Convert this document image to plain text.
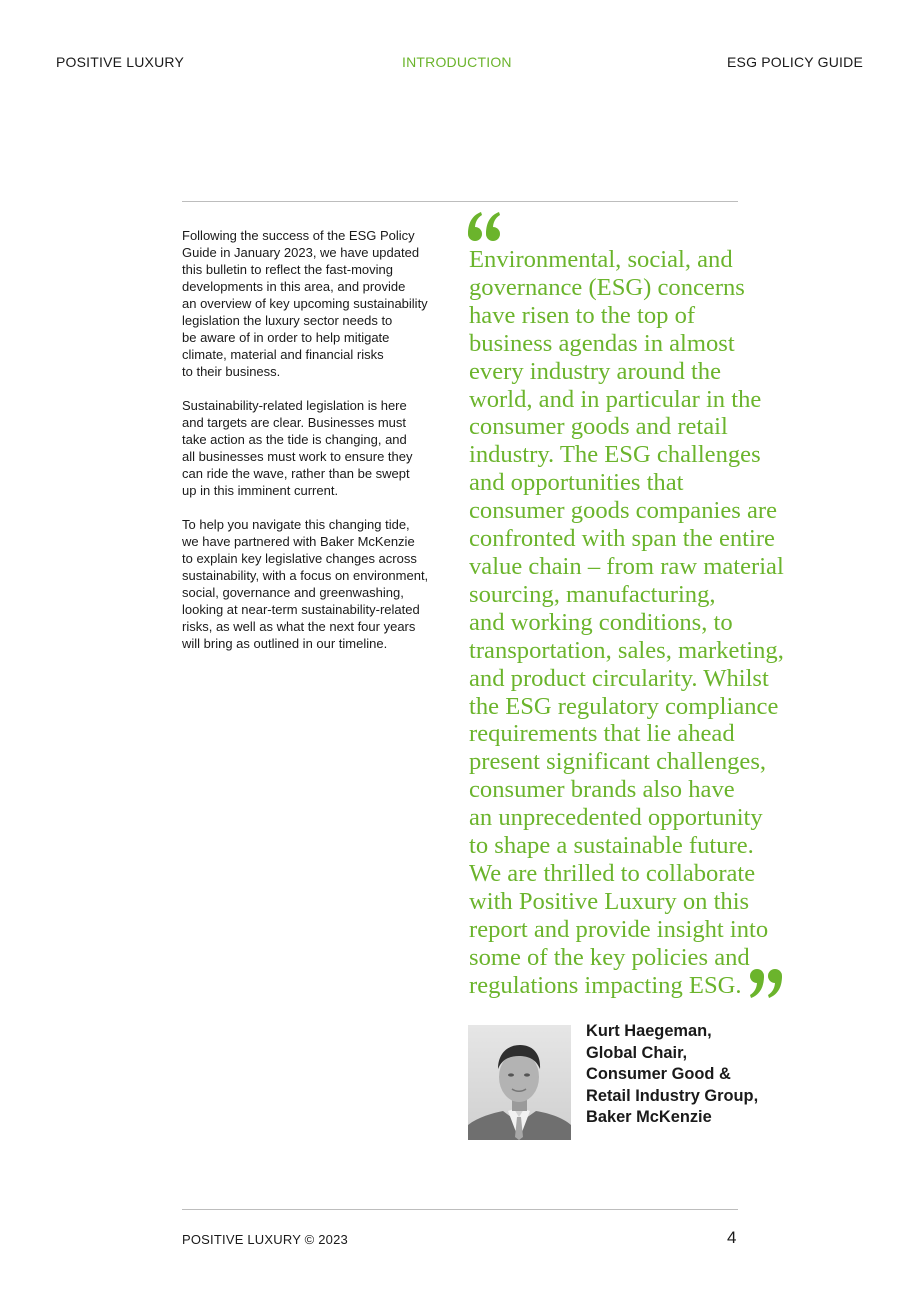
POSITIVE LUXURY	INTRODUCTION	ESG POLICY GUIDE

Following the success of the ESG Policy
Guide in January 2023, we have updated
this bulletin to reflect the fast-moving
developments in this area, and provide
an overview of key upcoming sustainability
legislation the luxury sector needs to
be aware of in order to help mitigate
climate, material and financial risks
to their business.

Sustainability-related legislation is here
and targets are clear. Businesses must
take action as the tide is changing, and
all businesses must work to ensure they
can ride the wave, rather than be swept
up in this imminent current.

To help you navigate this changing tide,
we have partnered with Baker McKenzie
to explain key legislative changes across
sustainability, with a focus on environment,
social, governance and greenwashing,
looking at near-term sustainability-related
risks, as well as what the next four years
will bring as outlined in our timeline.

Environmental, social, and
governance (ESG) concerns
have risen to the top of
business agendas in almost
every industry around the
world, and in particular in the
consumer goods and retail
industry. The ESG challenges
and opportunities that
consumer goods companies are
confronted with span the entire
value chain – from raw material
sourcing, manufacturing,
and working conditions, to
transportation, sales, marketing,
and product circularity. Whilst
the ESG regulatory compliance
requirements that lie ahead
present significant challenges,
consumer brands also have
an unprecedented opportunity
to shape a sustainable future.
We are thrilled to collaborate
with Positive Luxury on this
report and provide insight into
some of the key policies and
regulations impacting ESG.
Kurt Haegeman,
Global Chair,
Consumer Good &
Retail Industry Group,
Baker McKenzie
POSITIVE LUXURY © 2023	4
